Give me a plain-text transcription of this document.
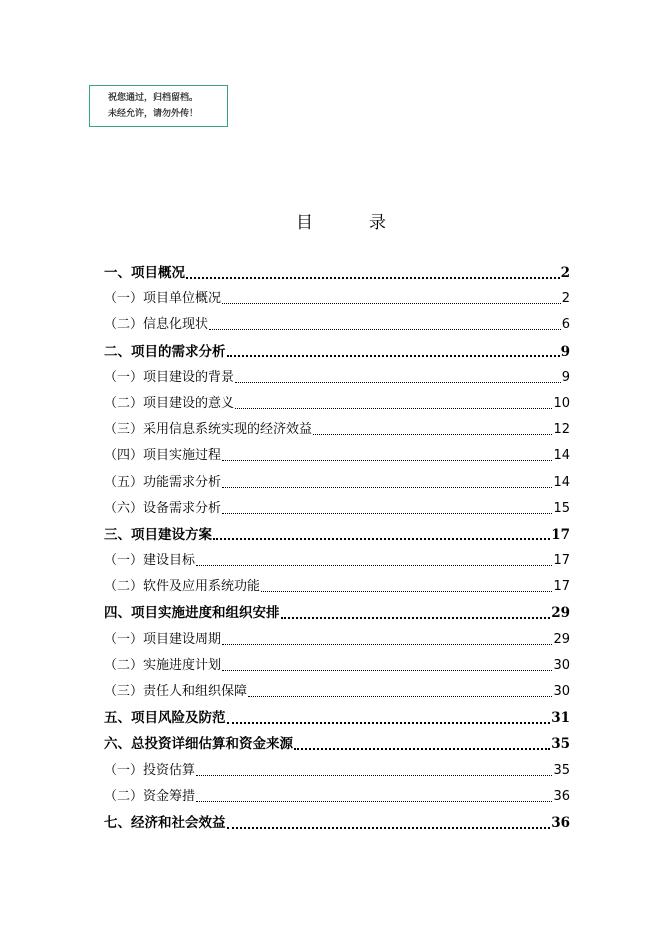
祝您通过，归档留档。
未经允许，请勿外传！
目	录
一、项目概况	2
（一）项目单位概况	2
（二）信息化现状	6
二、项目的需求分析	9
（一）项目建设的背景	9
（二）项目建设的意义	10
（三）采用信息系统实现的经济效益	12
（四）项目实施过程	14
（五）功能需求分析	14
（六）设备需求分析	15
三、项目建设方案	17
（一）建设目标	17
（二）软件及应用系统功能	17
四、项目实施进度和组织安排	29
（一）项目建设周期	29
（二）实施进度计划	30
（三）责任人和组织保障	30
五、项目风险及防范	31
六、总投资详细估算和资金来源	35
（一）投资估算	35
（二）资金筹措	36
七、经济和社会效益	36
